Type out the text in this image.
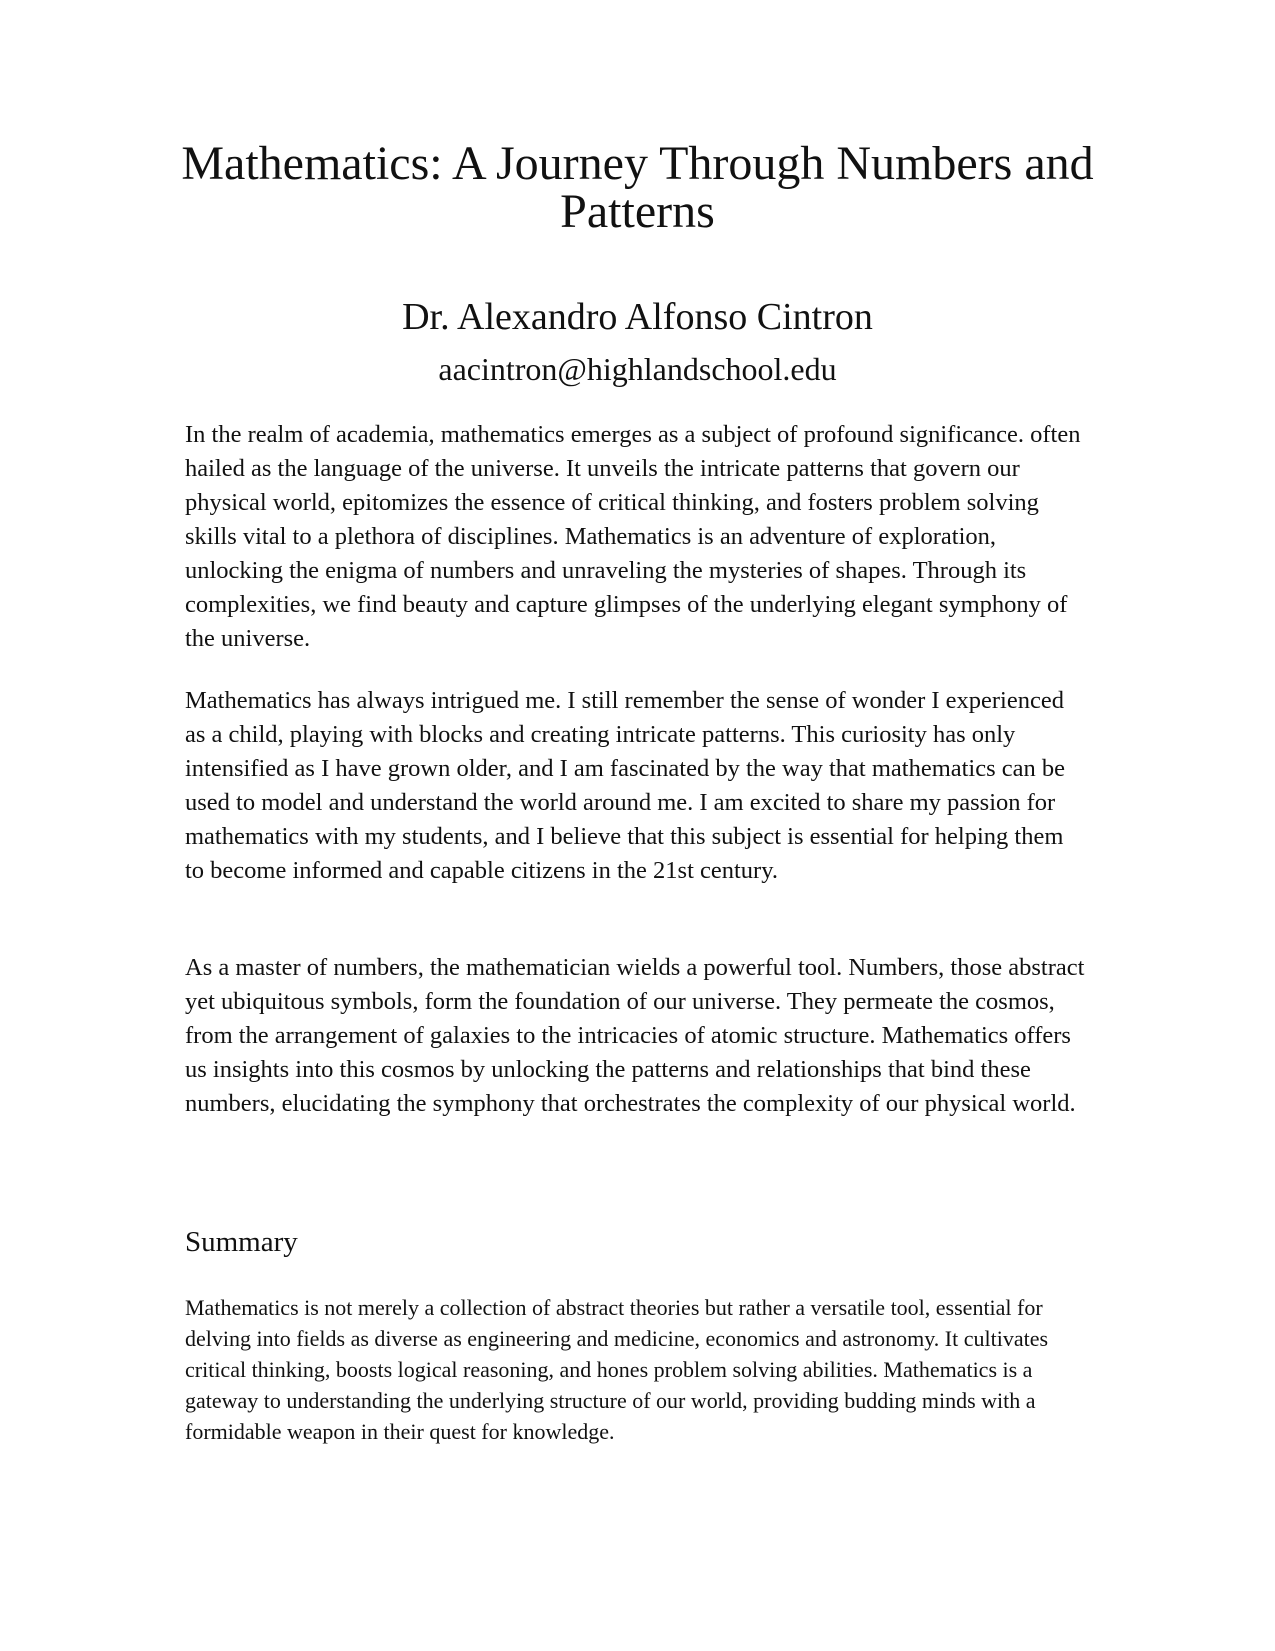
Mathematics: A Journey Through Numbers and Patterns
Dr. Alexandro Alfonso Cintron
aacintron@highlandschool.edu

In the realm of academia, mathematics emerges as a subject of profound significance. often hailed as the language of the universe. It unveils the intricate patterns that govern our physical world, epitomizes the essence of critical thinking, and fosters problem solving skills vital to a plethora of disciplines. Mathematics is an adventure of exploration, unlocking the enigma of numbers and unraveling the mysteries of shapes. Through its complexities, we find beauty and capture glimpses of the underlying elegant symphony of the universe.

Mathematics has always intrigued me. I still remember the sense of wonder I experienced as a child, playing with blocks and creating intricate patterns. This curiosity has only intensified as I have grown older, and I am fascinated by the way that mathematics can be used to model and understand the world around me. I am excited to share my passion for mathematics with my students, and I believe that this subject is essential for helping them to become informed and capable citizens in the 21st century.

As a master of numbers, the mathematician wields a powerful tool. Numbers, those abstract yet ubiquitous symbols, form the foundation of our universe. They permeate the cosmos, from the arrangement of galaxies to the intricacies of atomic structure. Mathematics offers us insights into this cosmos by unlocking the patterns and relationships that bind these numbers, elucidating the symphony that orchestrates the complexity of our physical world.

Summary

Mathematics is not merely a collection of abstract theories but rather a versatile tool, essential for delving into fields as diverse as engineering and medicine, economics and astronomy. It cultivates critical thinking, boosts logical reasoning, and hones problem solving abilities. Mathematics is a gateway to understanding the underlying structure of our world, providing budding minds with a formidable weapon in their quest for knowledge.
